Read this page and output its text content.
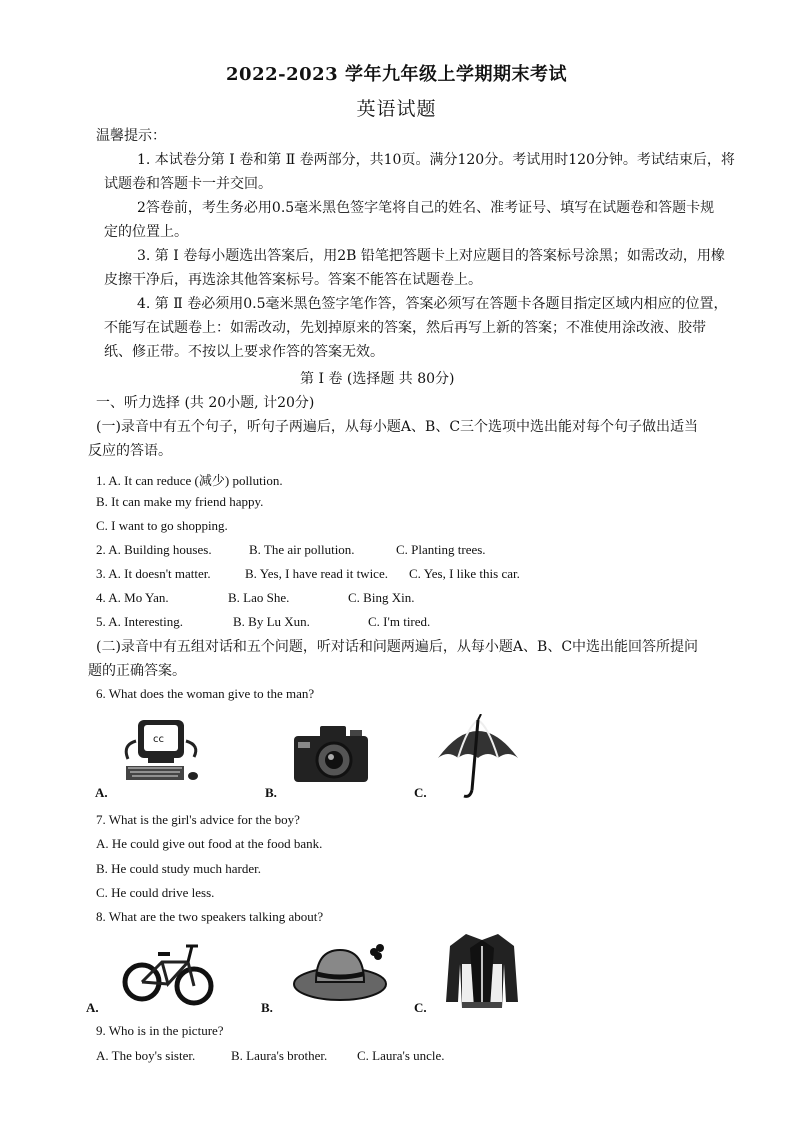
2022-2023 学年九年级上学期期末考试
英语试题
温馨提示：
1. 本试卷分第 Ⅰ 卷和第 Ⅱ 卷两部分，共10页。满分120分。考试用时120分钟。考试结束后，将
试题卷和答题卡一并交回。
2答卷前，考生务必用0.5毫米黑色签字笔将自己的姓名、准考证号、填写在试题卷和答题卡规
定的位置上。
3. 第 Ⅰ 卷每小题选出答案后，用2B 铅笔把答题卡上对应题目的答案标号涂黑；如需改动，用橡
皮擦干净后，再选涂其他答案标号。答案不能答在试题卷上。
4. 第 Ⅱ 卷必须用0.5毫米黑色签字笔作答，答案必须写在答题卡各题目指定区域内相应的位置，
不能写在试题卷上：如需改动，先划掉原来的答案，然后再写上新的答案；不准使用涂改液、胶带
纸、修正带。不按以上要求作答的答案无效。
第 Ⅰ 卷 (选择题 共 80分)
一、听力选择 (共 20小题, 计20分)
(一)录音中有五个句子，听句子两遍后，从每小题A、B、C三个选项中选出能对每个句子做出适当
反应的答语。
1. A. It can reduce (减少) pollution.
B. It can make my friend happy.
C. I want to go shopping.
2. A. Building houses.	B. The air pollution.	C. Planting trees.
3. A. It doesn't matter.	B. Yes, I have read it twice. C. Yes, I like this car.
4. A. Mo Yan.	B. Lao She.	C. Bing Xin.
5. A. Interesting.	B. By Lu Xun.	C. I'm tired.
(二)录音中有五组对话和五个问题，听对话和问题两遍后，从每小题A、B、C中选出能回答所提问
题的正确答案。
6. What does the woman give to the man?
cc
A.	B.	C.
7. What is the girl's advice for the boy?
A. He could give out food at the food bank.
B. He could study much harder.
C. He could drive less.
8. What are the two speakers talking about?
A.	B.	C.
9. Who is in the picture?
A. The boy's sister.	B. Laura's brother. C. Laura's uncle.
